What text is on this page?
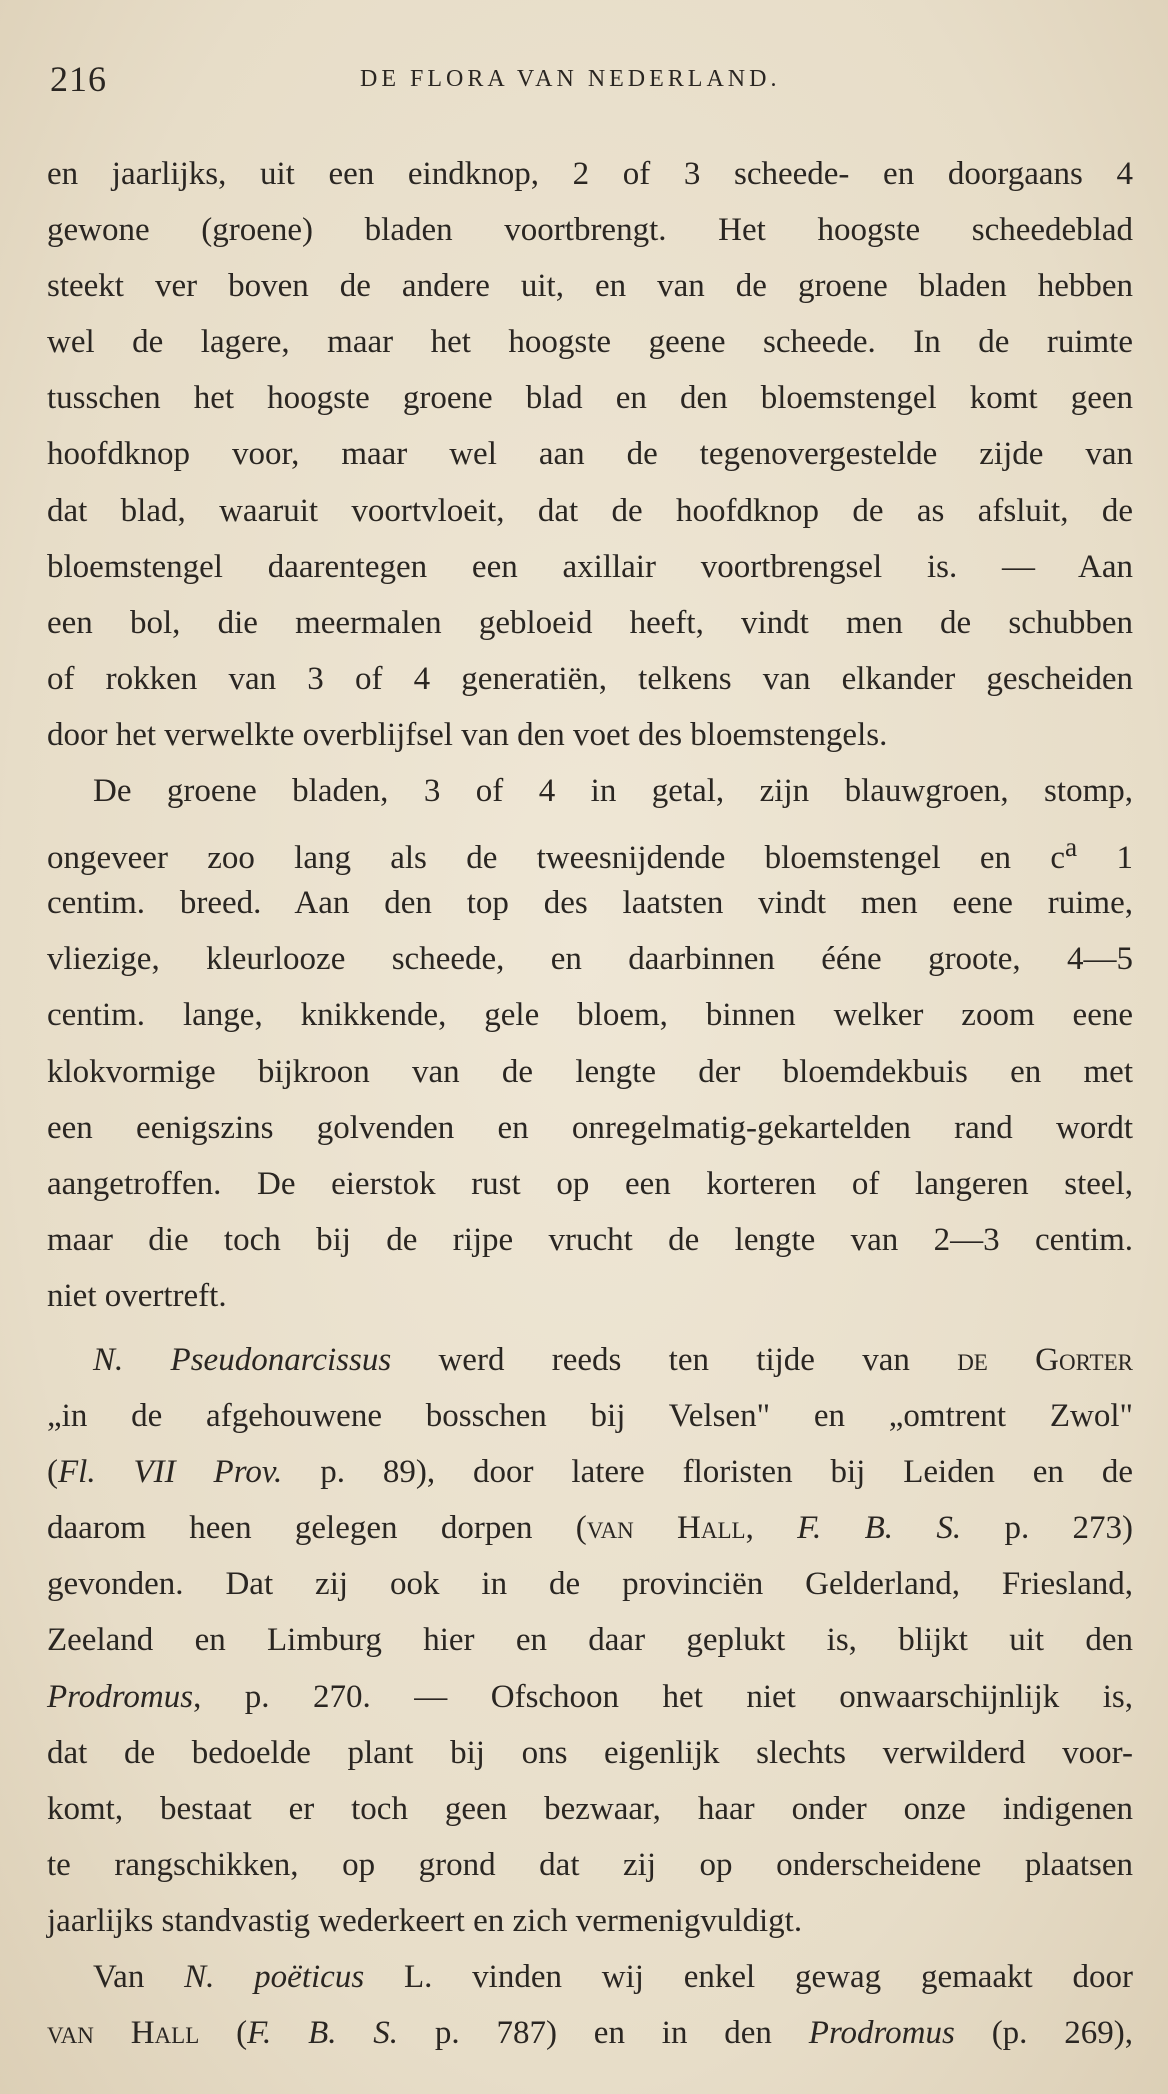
216	DE FLORA VAN NEDERLAND.
en jaarlijks, uit een eindknop, 2 of 3 scheede- en doorgaans 4
gewone (groene) bladen voortbrengt. Het hoogste scheedeblad
steekt ver boven de andere uit, en van de groene bladen hebben
wel de lagere, maar het hoogste geene scheede. In de ruimte
tusschen het hoogste groene blad en den bloemstengel komt geen
hoofdknop voor, maar wel aan de tegenovergestelde zijde van
dat blad, waaruit voortvloeit, dat de hoofdknop de as afsluit, de
bloemstengel daarentegen een axillair voortbrengsel is. — Aan
een bol, die meermalen gebloeid heeft, vindt men de schubben
of rokken van 3 of 4 generatiën, telkens van elkander gescheiden
door het verwelkte overblijfsel van den voet des bloemstengels.
De groene bladen, 3 of 4 in getal, zijn blauwgroen, stomp,
ongeveer zoo lang als de tweesnijdende bloemstengel en $c^a$ 1
centim. breed. Aan den top des laatsten vindt men eene ruime,
vliezige, kleurlooze scheede, en daarbinnen ééne groote, 4—5
centim. lange, knikkende, gele bloem, binnen welker zoom eene
klokvormige bijkroon van de lengte der bloemdekbuis en met
een eenigszins golvenden en onregelmatig-gekartelden rand wordt
aangetroffen. De eierstok rust op een korteren of langeren steel,
maar die toch bij de rijpe vrucht de lengte van 2—3 centim.
niet overtreft.
N. Pseudonarcissus werd reeds ten tijde van de Gorter
„in de afgehouwene bosschen bij Velsen" en „omtrent Zwol"
(Fl. VII Prov. p. 89), door latere floristen bij Leiden en de
daarom heen gelegen dorpen (van Hall, F. B. S. p. 273)
gevonden. Dat zij ook in de provinciën Gelderland, Friesland,
Zeeland en Limburg hier en daar geplukt is, blijkt uit den
Prodromus, p. 270. — Ofschoon het niet onwaarschijnlijk is,
dat de bedoelde plant bij ons eigenlijk slechts verwilderd voor-
komt, bestaat er toch geen bezwaar, haar onder onze indigenen
te rangschikken, op grond dat zij op onderscheidene plaatsen
jaarlijks standvastig wederkeert en zich vermenigvuldigt.
Van N. poëticus L. vinden wij enkel gewag gemaakt door
van Hall (F. B. S. p. 787) en in den Prodromus (p. 269),
